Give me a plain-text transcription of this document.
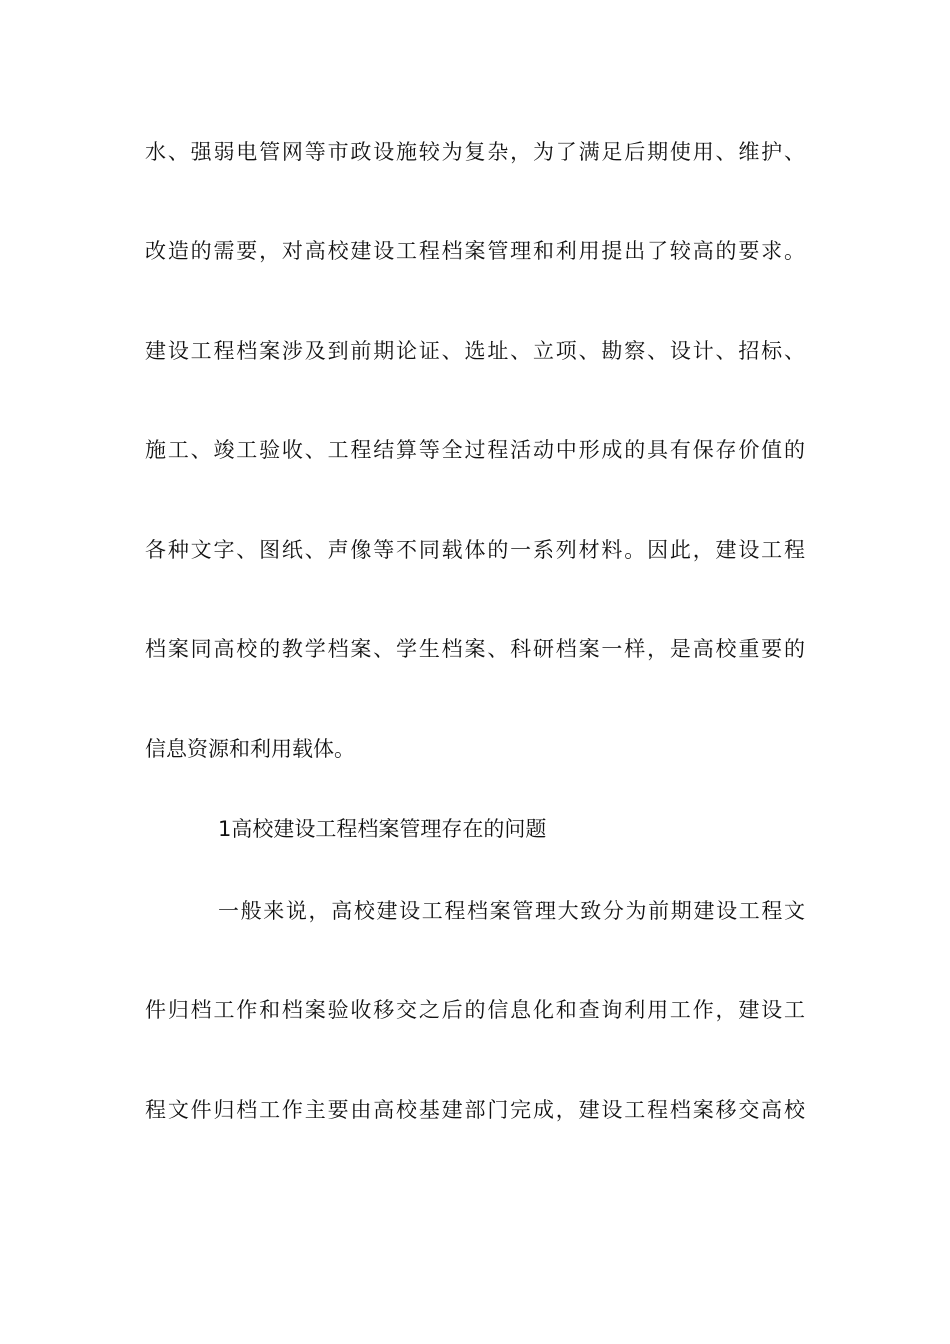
水、强弱电管网等市政设施较为复杂，为了满足后期使用、维护、
改造的需要，对高校建设工程档案管理和利用提出了较高的要求。
建设工程档案涉及到前期论证、选址、立项、勘察、设计、招标、
施工、竣工验收、工程结算等全过程活动中形成的具有保存价值的
各种文字、图纸、声像等不同载体的一系列材料。因此，建设工程
档案同高校的教学档案、学生档案、科研档案一样，是高校重要的
信息资源和利用载体。
1高校建设工程档案管理存在的问题
一般来说，高校建设工程档案管理大致分为前期建设工程文
件归档工作和档案验收移交之后的信息化和查询利用工作，建设工
程文件归档工作主要由高校基建部门完成，建设工程档案移交高校
